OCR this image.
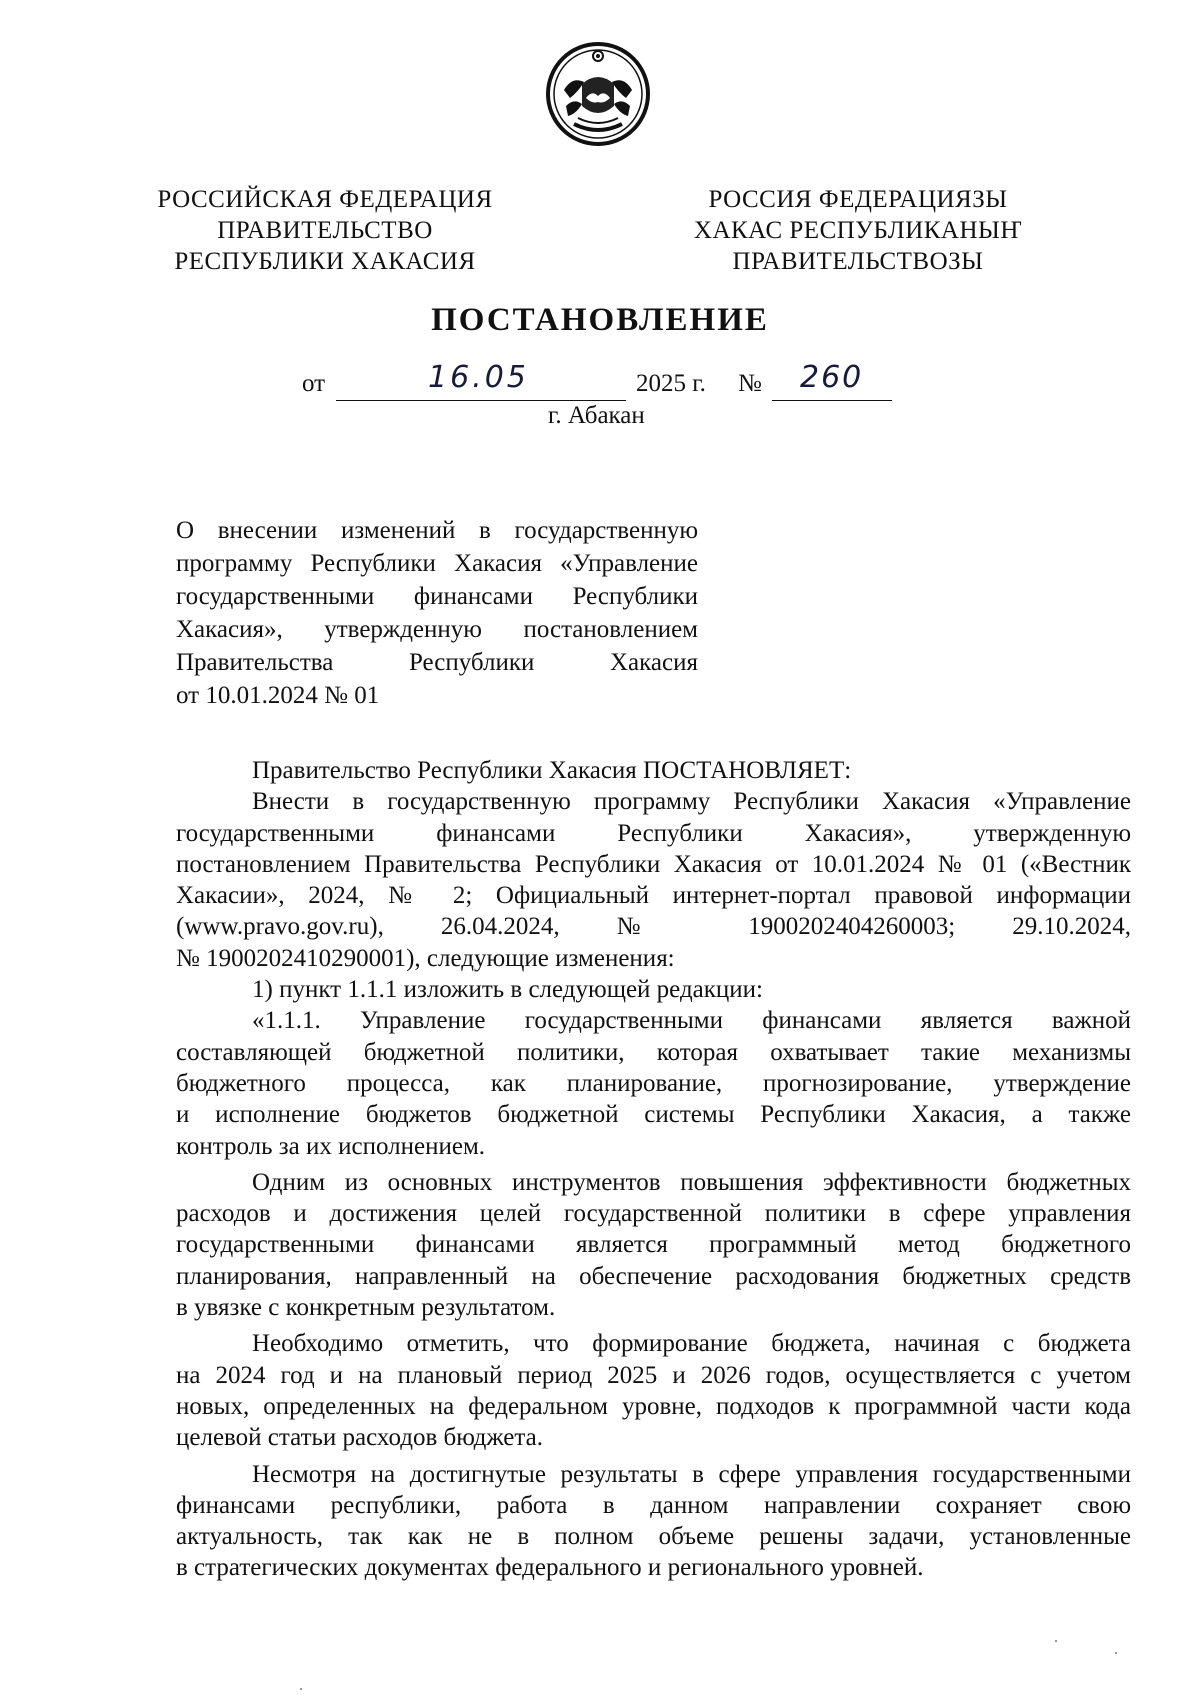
РОССИЙСКАЯ ФЕДЕРАЦИЯ
ПРАВИТЕЛЬСТВО
РЕСПУБЛИКИ ХАКАСИЯ
РОССИЯ ФЕДЕРАЦИЯЗЫ
ХАКАС РЕСПУБЛИКАНЫҤ
ПРАВИТЕЛЬСТВОЗЫ
ПОСТАНОВЛЕНИЕ
от	16.05	2025 г. № 260
г. Абакан
О внесении изменений в государственную
программу Республики Хакасия «Управление
государственными финансами Республики
Хакасия», утвержденную постановлением
Правительства Республики Хакасия
от 10.01.2024 № 01
Правительство Республики Хакасия ПОСТАНОВЛЯЕТ:
Внести в государственную программу Республики Хакасия «Управление
государственными финансами Республики Хакасия», утвержденную
постановлением Правительства Республики Хакасия от 10.01.2024 № 01 («Вестник
Хакасии», 2024, № 2; Официальный интернет-портал правовой информации
(www.pravo.gov.ru), 26.04.2024, № 1900202404260003; 29.10.2024,
№ 1900202410290001), следующие изменения:
1) пункт 1.1.1 изложить в следующей редакции:
«1.1.1. Управление государственными финансами является важной
составляющей бюджетной политики, которая охватывает такие механизмы
бюджетного процесса, как планирование, прогнозирование, утверждение
и исполнение бюджетов бюджетной системы Республики Хакасия, а также
контроль за их исполнением.
Одним из основных инструментов повышения эффективности бюджетных
расходов и достижения целей государственной политики в сфере управления
государственными финансами является программный метод бюджетного
планирования, направленный на обеспечение расходования бюджетных средств
в увязке с конкретным результатом.
Необходимо отметить, что формирование бюджета, начиная с бюджета
на 2024 год и на плановый период 2025 и 2026 годов, осуществляется с учетом
новых, определенных на федеральном уровне, подходов к программной части кода
целевой статьи расходов бюджета.
Несмотря на достигнутые результаты в сфере управления государственными
финансами республики, работа в данном направлении сохраняет свою
актуальность, так как не в полном объеме решены задачи, установленные
в стратегических документах федерального и регионального уровней.
